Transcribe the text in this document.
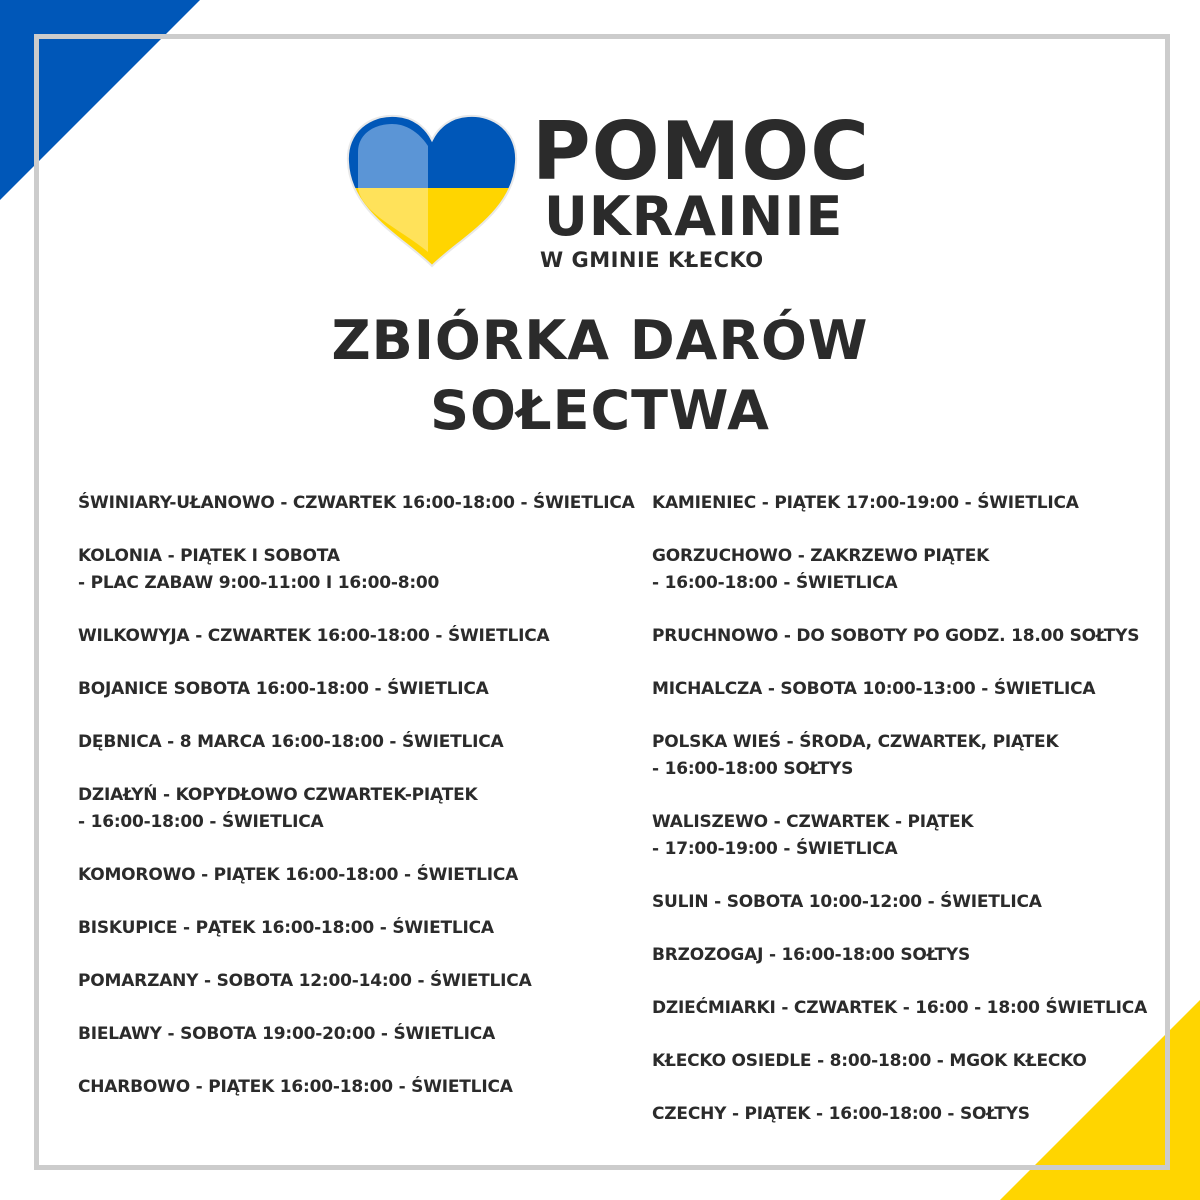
POMOC
UKRAINIE
W GMINIE KŁECKO
ZBIÓRKA DARÓW
SOŁECTWA
ŚWINIARY-UŁANOWO - CZWARTEK 16:00-18:00 - ŚWIETLICA
KOLONIA - PIĄTEK I SOBOTA
- PLAC ZABAW 9:00-11:00 I 16:00-8:00
WILKOWYJA - CZWARTEK 16:00-18:00 - ŚWIETLICA
BOJANICE SOBOTA 16:00-18:00 - ŚWIETLICA
DĘBNICA - 8 MARCA 16:00-18:00 - ŚWIETLICA
DZIAŁYŃ - KOPYDŁOWO CZWARTEK-PIĄTEK
- 16:00-18:00 - ŚWIETLICA
KOMOROWO - PIĄTEK 16:00-18:00 - ŚWIETLICA
BISKUPICE - PĄTEK 16:00-18:00 - ŚWIETLICA
POMARZANY - SOBOTA 12:00-14:00 - ŚWIETLICA
BIELAWY - SOBOTA 19:00-20:00 - ŚWIETLICA
CHARBOWO - PIĄTEK 16:00-18:00 - ŚWIETLICA
KAMIENIEC - PIĄTEK 17:00-19:00 - ŚWIETLICA
GORZUCHOWO - ZAKRZEWO PIĄTEK
- 16:00-18:00 - ŚWIETLICA
PRUCHNOWO - DO SOBOTY PO GODZ. 18.00 SOŁTYS
MICHALCZA - SOBOTA 10:00-13:00 - ŚWIETLICA
POLSKA WIEŚ - ŚRODA, CZWARTEK, PIĄTEK
- 16:00-18:00 SOŁTYS
WALISZEWO - CZWARTEK - PIĄTEK
- 17:00-19:00 - ŚWIETLICA
SULIN - SOBOTA 10:00-12:00 - ŚWIETLICA
BRZOZOGAJ - 16:00-18:00 SOŁTYS
DZIEĆMIARKI - CZWARTEK - 16:00 - 18:00 ŚWIETLICA
KŁECKO OSIEDLE - 8:00-18:00 - MGOK KŁECKO
CZECHY - PIĄTEK - 16:00-18:00 - SOŁTYS
